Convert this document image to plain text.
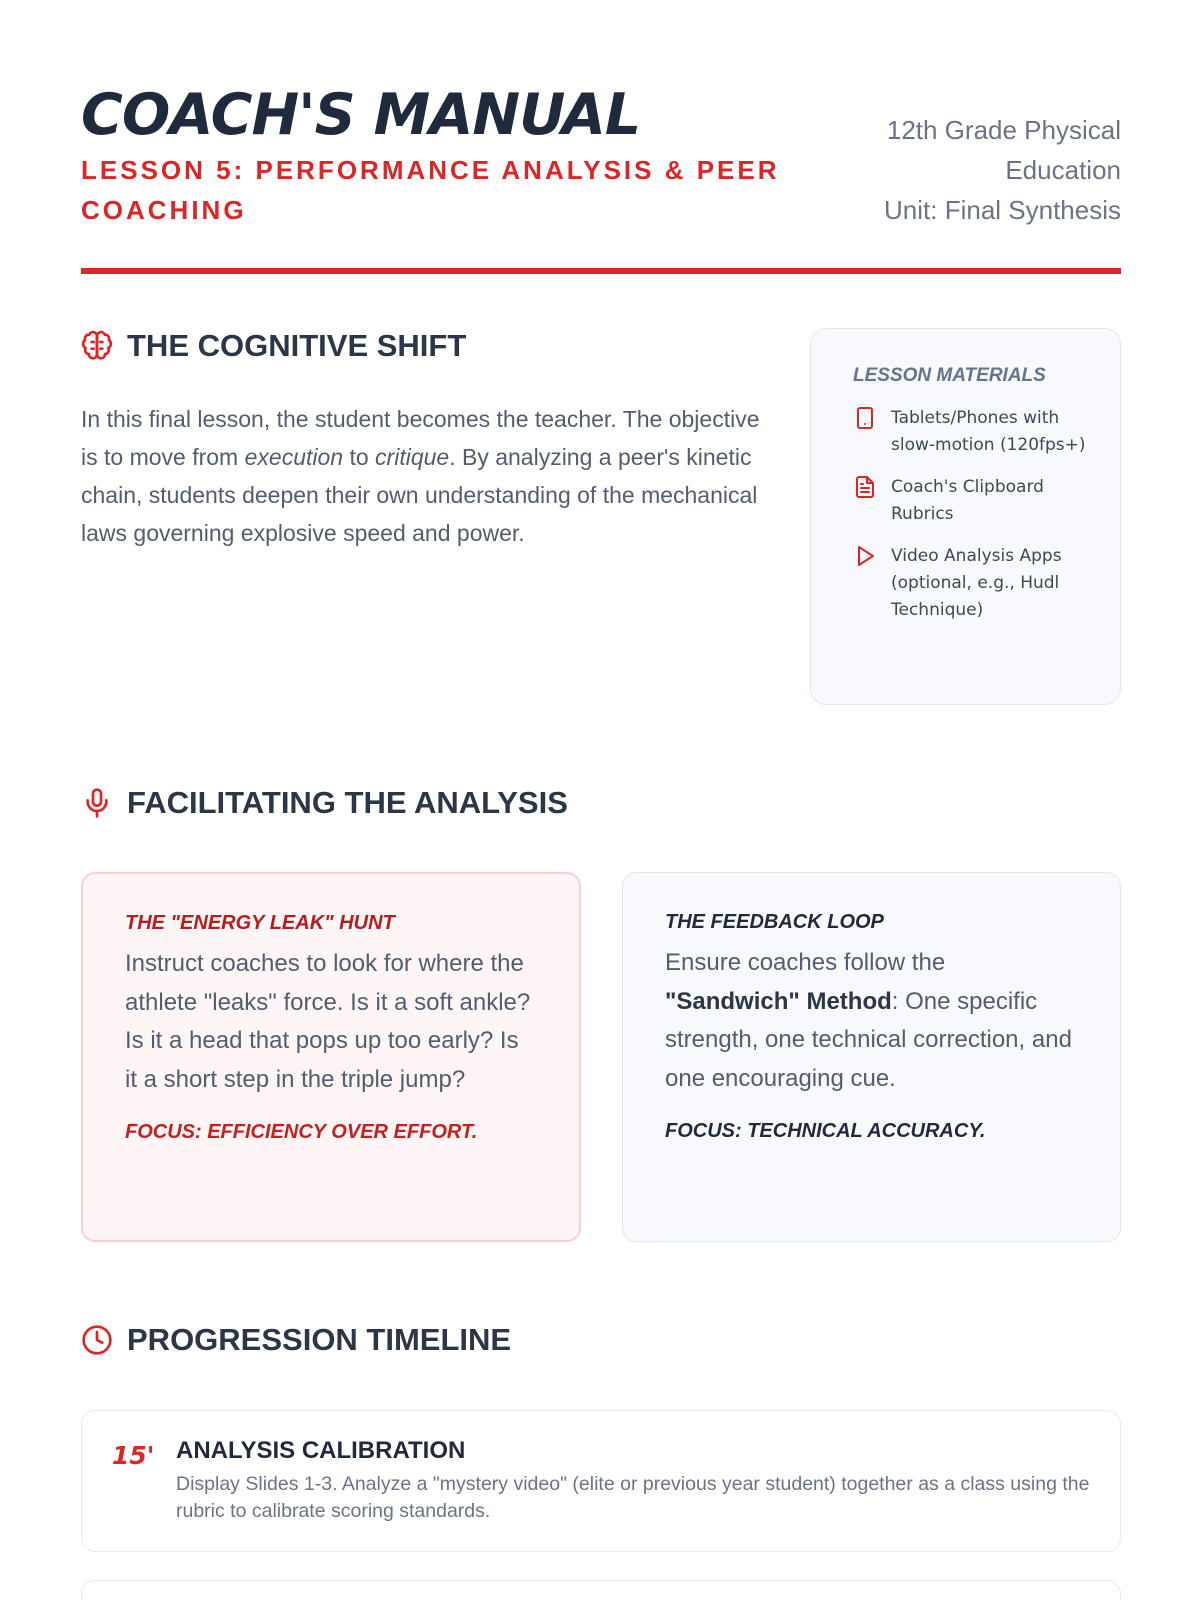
COACH'S MANUAL
LESSON 5: PERFORMANCE ANALYSIS & PEER COACHING
12th Grade Physical Education
Unit: Final Synthesis
THE COGNITIVE SHIFT

In this final lesson, the student becomes the teacher. The objective is to move from execution to critique. By analyzing a peer's kinetic chain, students deepen their own understanding of the mechanical laws governing explosive speed and power.

LESSON MATERIALS
Tablets/Phones with slow-motion (120fps+)
Coach's Clipboard Rubrics
Video Analysis Apps (optional, e.g., Hudl Technique)
FACILITATING THE ANALYSIS
THE "ENERGY LEAK" HUNT

Instruct coaches to look for where the athlete "leaks" force. Is it a soft ankle? Is it a head that pops up too early? Is it a short step in the triple jump?

FOCUS: EFFICIENCY OVER EFFORT.
THE FEEDBACK LOOP

Ensure coaches follow the "Sandwich" Method: One specific strength, one technical correction, and one encouraging cue.

FOCUS: TECHNICAL ACCURACY.
PROGRESSION TIMELINE
15' ANALYSIS CALIBRATION
Display Slides 1-3. Analyze a "mystery video" (elite or previous year student) together as a class using the rubric to calibrate scoring standards.
